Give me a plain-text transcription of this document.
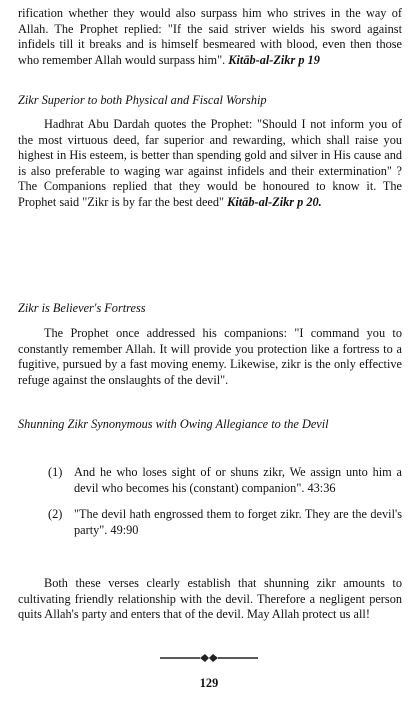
rification whether they would also surpass him who strives in the way of Allah. The Prophet replied: "If the said striver wields his sword against infidels till it breaks and is himself besmeared with blood, even then those who remember Allah would surpass him". Kitāb-al-Zikr p 19

Zikr Superior to both Physical and Fiscal Worship

Hadhrat Abu Dardah quotes the Prophet: "Should I not inform you of the most virtuous deed, far superior and rewarding, which shall raise you highest in His esteem, is better than spending gold and silver in His cause and is also preferable to waging war against infidels and their extermination" ? The Companions replied that they would be honoured to know it. The Prophet said "Zikr is by far the best deed" Kitāb-al-Zikr p 20.

Zikr is Believer's Fortress

The Prophet once addressed his companions: "I command you to constantly remember Allah. It will provide you protection like a fortress to a fugitive, pursued by a fast moving enemy. Likewise, zikr is the only effective refuge against the onslaughts of the devil".

Shunning Zikr Synonymous with Owing Allegiance to the Devil

(1) And he who loses sight of or shuns zikr, We assign unto him a devil who becomes his (constant) companion". 43:36
(2) "The devil hath engrossed them to forget zikr. They are the devil's party". 49:90

Both these verses clearly establish that shunning zikr amounts to cultivating friendly relationship with the devil. Therefore a negligent person quits Allah's party and enters that of the devil. May Allah protect us all!

129
